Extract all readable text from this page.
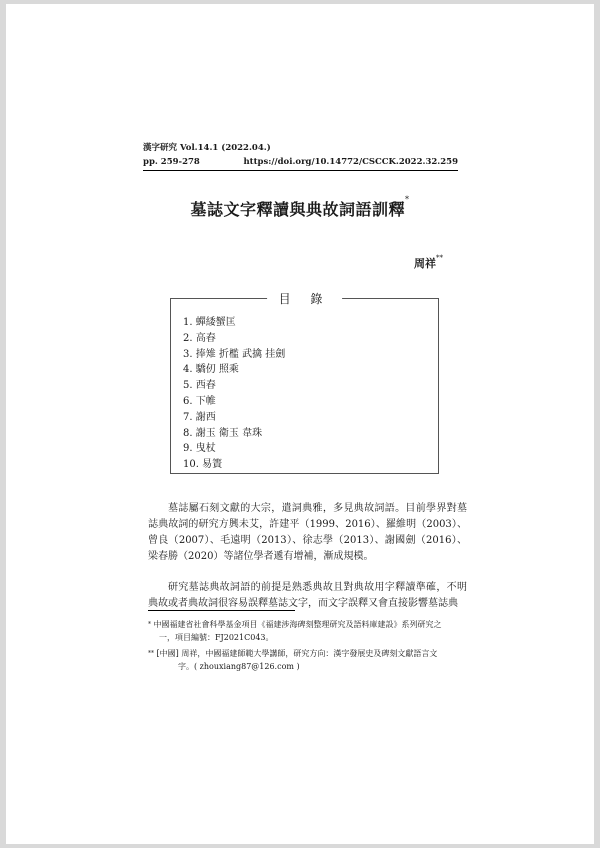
漢字研究 Vol.14.1 (2022.04.)
pp. 259-278	https://doi.org/10.14772/CSCCK.2022.32.259
墓誌文字釋讀與典故詞語訓釋*
周祥**
目 錄
1. 蟬緌蟹匡
2. 高舂
3. 捧雉 折檻 武擒 挂劍
4. 驕仞 照乘
5. 西舂
6. 下帷
7. 謝西
8. 謝玉 衛玉 韋珠
9. 曳杖
10. 易簀

墓誌屬石刻文獻的大宗，遣詞典雅，多見典故詞語。目前學界對墓誌典故詞的研究方興未艾，許建平（1999、2016）、羅維明（2003）、曾良（2007）、毛遠明（2013）、徐志學（2013）、謝國劍（2016）、梁春勝（2020）等諸位學者遞有增補，漸成規模。

研究墓誌典故詞語的前提是熟悉典故且對典故用字釋讀準確，不明典故或者典故詞很容易誤釋墓誌文字，而文字誤釋又會直接影響墓誌典

* 中國福建省社會科學基金項目《福建涉海碑刻整理研究及語料庫建設》系列研究之
一，項目編號：FJ2021C043。

** [中國] 周祥，中國福建師範大學講師，研究方向：漢字發展史及碑刻文獻語言文
字。( zhouxiang87@126.com )
